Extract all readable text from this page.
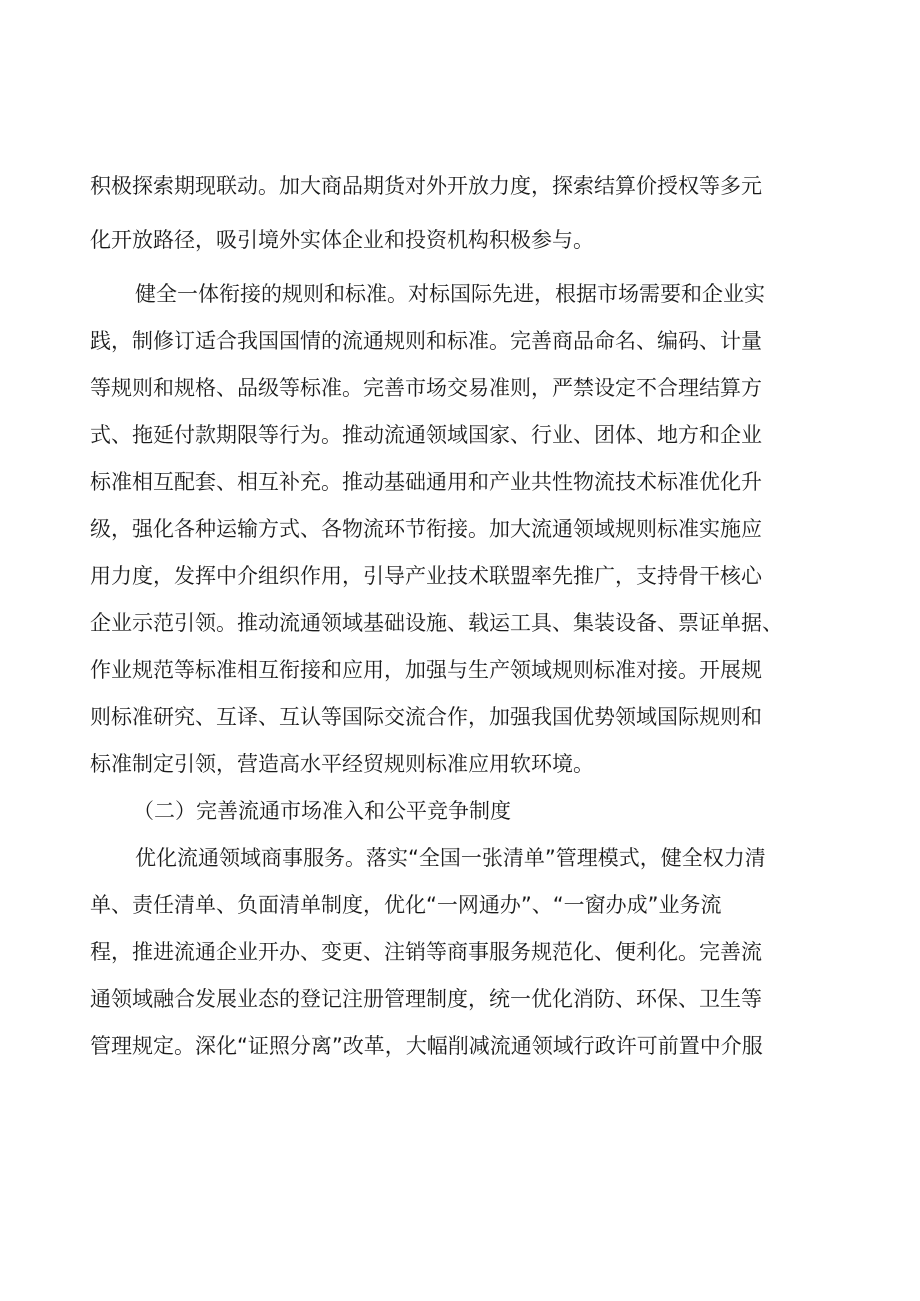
积极探索期现联动。加大商品期货对外开放力度，探索结算价授权等多元
化开放路径，吸引境外实体企业和投资机构积极参与。
健全一体衔接的规则和标准。对标国际先进，根据市场需要和企业实
践，制修订适合我国国情的流通规则和标准。完善商品命名、编码、计量
等规则和规格、品级等标准。完善市场交易准则，严禁设定不合理结算方
式、拖延付款期限等行为。推动流通领域国家、行业、团体、地方和企业
标准相互配套、相互补充。推动基础通用和产业共性物流技术标准优化升
级，强化各种运输方式、各物流环节衔接。加大流通领域规则标准实施应
用力度，发挥中介组织作用，引导产业技术联盟率先推广，支持骨干核心
企业示范引领。推动流通领域基础设施、载运工具、集装设备、票证单据、
作业规范等标准相互衔接和应用，加强与生产领域规则标准对接。开展规
则标准研究、互译、互认等国际交流合作，加强我国优势领域国际规则和
标准制定引领，营造高水平经贸规则标准应用软环境。
（二）完善流通市场准入和公平竞争制度
优化流通领域商事服务。落实“全国一张清单”管理模式，健全权力清
单、责任清单、负面清单制度，优化“一网通办”、“一窗办成”业务流
程，推进流通企业开办、变更、注销等商事服务规范化、便利化。完善流
通领域融合发展业态的登记注册管理制度，统一优化消防、环保、卫生等
管理规定。深化“证照分离”改革，大幅削减流通领域行政许可前置中介服
